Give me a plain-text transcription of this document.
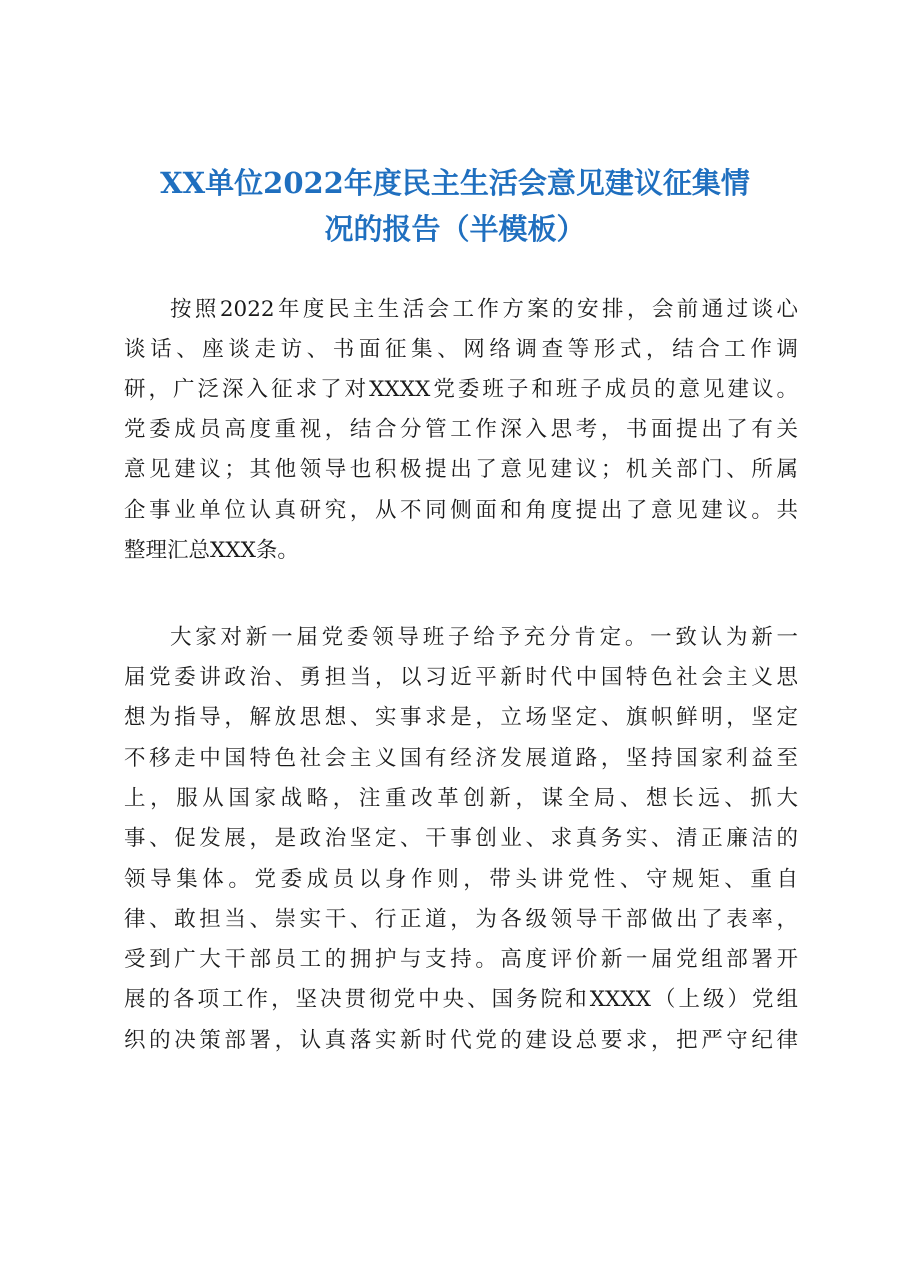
XX单位2022年度民主生活会意见建议征集情
况的报告（半模板）

按照2022年度民主生活会工作方案的安排，会前通过谈心

谈话、座谈走访、书面征集、网络调查等形式，结合工作调

研，广泛深入征求了对XXXX党委班子和班子成员的意见建议。

党委成员高度重视，结合分管工作深入思考，书面提出了有关

意见建议；其他领导也积极提出了意见建议；机关部门、所属

企事业单位认真研究，从不同侧面和角度提出了意见建议。共

整理汇总XXX条。

大家对新一届党委领导班子给予充分肯定。一致认为新一

届党委讲政治、勇担当，以习近平新时代中国特色社会主义思

想为指导，解放思想、实事求是，立场坚定、旗帜鲜明，坚定

不移走中国特色社会主义国有经济发展道路，坚持国家利益至

上，服从国家战略，注重改革创新，谋全局、想长远、抓大

事、促发展，是政治坚定、干事创业、求真务实、清正廉洁的

领导集体。党委成员以身作则，带头讲党性、守规矩、重自

律、敢担当、崇实干、行正道，为各级领导干部做出了表率，

受到广大干部员工的拥护与支持。高度评价新一届党组部署开

展的各项工作，坚决贯彻党中央、国务院和XXXX（上级）党组

织的决策部署，认真落实新时代党的建设总要求，把严守纪律
